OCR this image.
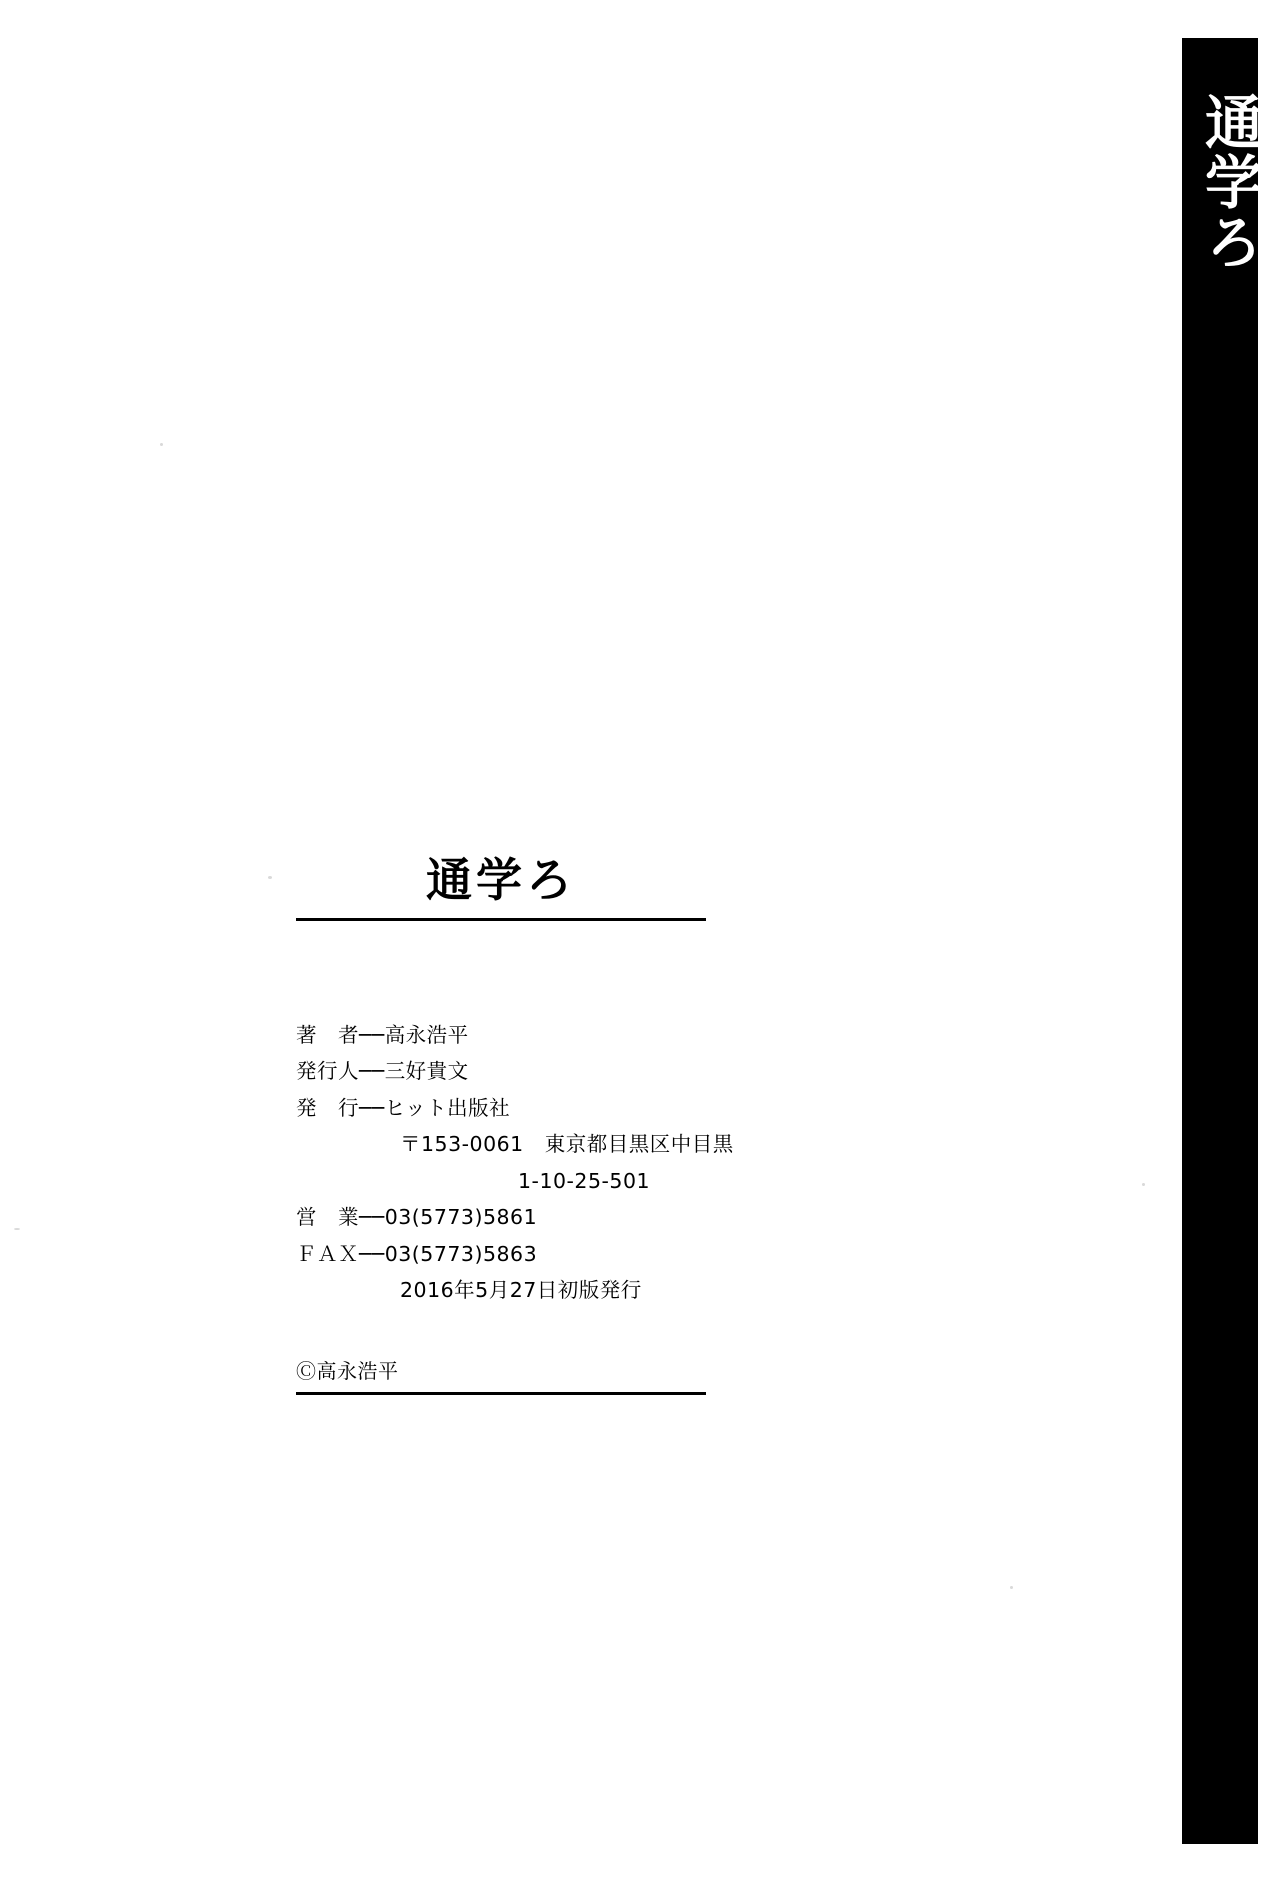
通学ろ
通学ろ
著　者──高永浩平
発行人──三好貴文
発　行──ヒット出版社
〒153-0061　東京都目黒区中目黒
1-10-25-501
営　業──03(5773)5861
ＦＡＸ──03(5773)5863
2016年5月27日初版発行
Ⓒ高永浩平
